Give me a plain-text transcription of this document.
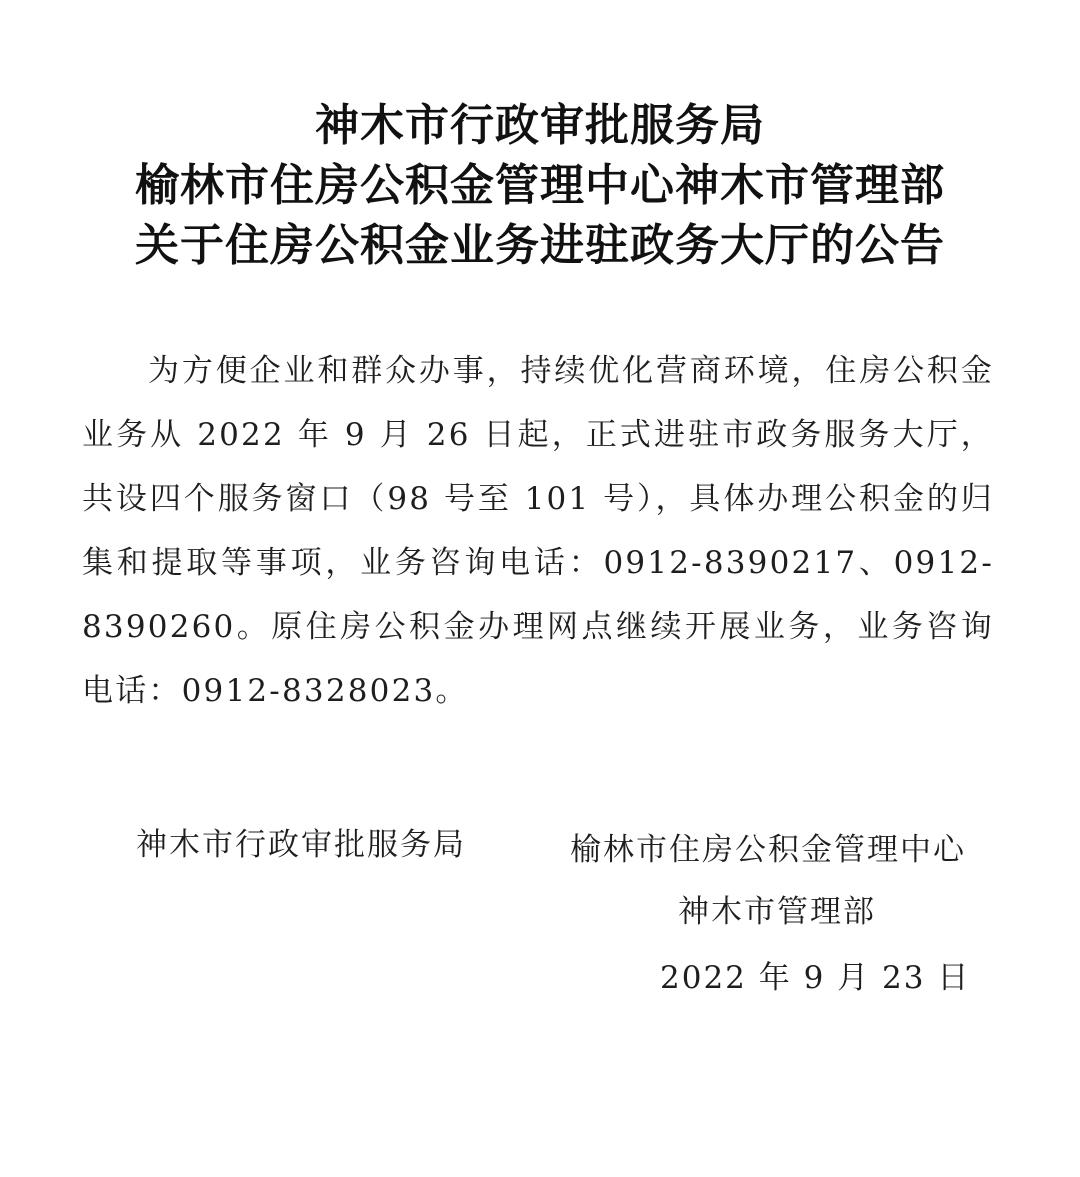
神木市行政审批服务局
榆林市住房公积金管理中心神木市管理部
关于住房公积金业务进驻政务大厅的公告

为方便企业和群众办事，持续优化营商环境，住房公积金业务从 2022 年 9 月 26 日起，正式进驻市政务服务大厅，共设四个服务窗口（98 号至 101 号），具体办理公积金的归集和提取等事项，业务咨询电话：0912-8390217、0912-8390260。原住房公积金办理网点继续开展业务，业务咨询电话：0912-8328023。

神木市行政审批服务局	榆林市住房公积金管理中心
神木市管理部
2022 年 9 月 23 日
